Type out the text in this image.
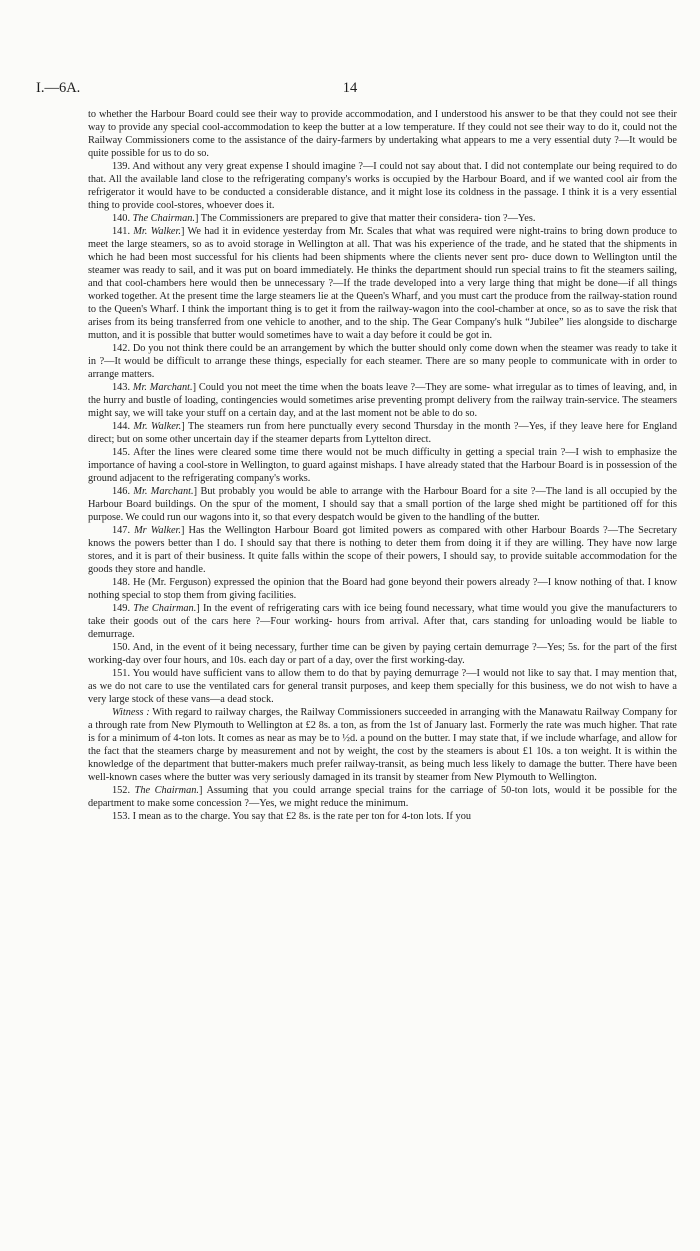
I.—6A.	14

to whether the Harbour Board could see their way to provide accommodation, and I understood his answer to be that they could not see their way to provide any special cool-accommodation to keep the butter at a low temperature. If they could not see their way to do it, could not the Railway Commissioners come to the assistance of the dairy-farmers by undertaking what appears to me a very essential duty ?—It would be quite possible for us to do so.

139. And without any very great expense I should imagine ?—I could not say about that. I did not contemplate our being required to do that. All the available land close to the refrigerating company's works is occupied by the Harbour Board, and if we wanted cool air from the refrigerator it would have to be conducted a considerable distance, and it might lose its coldness in the passage. I think it is a very essential thing to provide cool-stores, whoever does it.

140. The Chairman.] The Commissioners are prepared to give that matter their considera- tion ?—Yes.

141. Mr. Walker.] We had it in evidence yesterday from Mr. Scales that what was required were night-trains to bring down produce to meet the large steamers, so as to avoid storage in Wellington at all. That was his experience of the trade, and he stated that the shipments in which he had been most successful for his clients had been shipments where the clients never sent pro- duce down to Wellington until the steamer was ready to sail, and it was put on board immediately. He thinks the department should run special trains to fit the steamers sailing, and that cool-chambers here would then be unnecessary ?—If the trade developed into a very large thing that might be done—if all things worked together. At the present time the large steamers lie at the Queen's Wharf, and you must cart the produce from the railway-station round to the Queen's Wharf. I think the important thing is to get it from the railway-wagon into the cool-chamber at once, so as to save the risk that arises from its being transferred from one vehicle to another, and to the ship. The Gear Company's hulk “Jubilee” lies alongside to discharge mutton, and it is possible that butter would sometimes have to wait a day before it could be got in.

142. Do you not think there could be an arrangement by which the butter should only come down when the steamer was ready to take it in ?—It would be difficult to arrange these things, especially for each steamer. There are so many people to communicate with in order to arrange matters.

143. Mr. Marchant.] Could you not meet the time when the boats leave ?—They are some- what irregular as to times of leaving, and, in the hurry and bustle of loading, contingencies would sometimes arise preventing prompt delivery from the railway train-service. The steamers might say, we will take your stuff on a certain day, and at the last moment not be able to do so.

144. Mr. Walker.] The steamers run from here punctually every second Thursday in the month ?—Yes, if they leave here for England direct; but on some other uncertain day if the steamer departs from Lyttelton direct.

145. After the lines were cleared some time there would not be much difficulty in getting a special train ?—I wish to emphasize the importance of having a cool-store in Wellington, to guard against mishaps. I have already stated that the Harbour Board is in possession of the ground adjacent to the refrigerating company's works.

146. Mr. Marchant.] But probably you would be able to arrange with the Harbour Board for a site ?—The land is all occupied by the Harbour Board buildings. On the spur of the moment, I should say that a small portion of the large shed might be partitioned off for this purpose. We could run our wagons into it, so that every despatch would be given to the handling of the butter.

147. Mr Walker.] Has the Wellington Harbour Board got limited powers as compared with other Harbour Boards ?—The Secretary knows the powers better than I do. I should say that there is nothing to deter them from doing it if they are willing. They have now large stores, and it is part of their business. It quite falls within the scope of their powers, I should say, to provide suitable accommodation for the goods they store and handle.

148. He (Mr. Ferguson) expressed the opinion that the Board had gone beyond their powers already ?—I know nothing of that. I know nothing special to stop them from giving facilities.

149. The Chairman.] In the event of refrigerating cars with ice being found necessary, what time would you give the manufacturers to take their goods out of the cars here ?—Four working- hours from arrival. After that, cars standing for unloading would be liable to demurrage.

150. And, in the event of it being necessary, further time can be given by paying certain demurrage ?—Yes; 5s. for the part of the first working-day over four hours, and 10s. each day or part of a day, over the first working-day.

151. You would have sufficient vans to allow them to do that by paying demurrage ?—I would not like to say that. I may mention that, as we do not care to use the ventilated cars for general transit purposes, and keep them specially for this business, we do not wish to have a very large stock of these vans—a dead stock.

Witness : With regard to railway charges, the Railway Commissioners succeeded in arranging with the Manawatu Railway Company for a through rate from New Plymouth to Wellington at £2 8s. a ton, as from the 1st of January last. Formerly the rate was much higher. That rate is for a minimum of 4-ton lots. It comes as near as may be to ½d. a pound on the butter. I may state that, if we include wharfage, and allow for the fact that the steamers charge by measurement and not by weight, the cost by the steamers is about £1 10s. a ton weight. It is within the knowledge of the department that butter-makers much prefer railway-transit, as being much less likely to damage the butter. There have been well-known cases where the butter was very seriously damaged in its transit by steamer from New Plymouth to Wellington.

152. The Chairman.] Assuming that you could arrange special trains for the carriage of 50-ton lots, would it be possible for the department to make some concession ?—Yes, we might reduce the minimum.

153. I mean as to the charge. You say that £2 8s. is the rate per ton for 4-ton lots. If you
